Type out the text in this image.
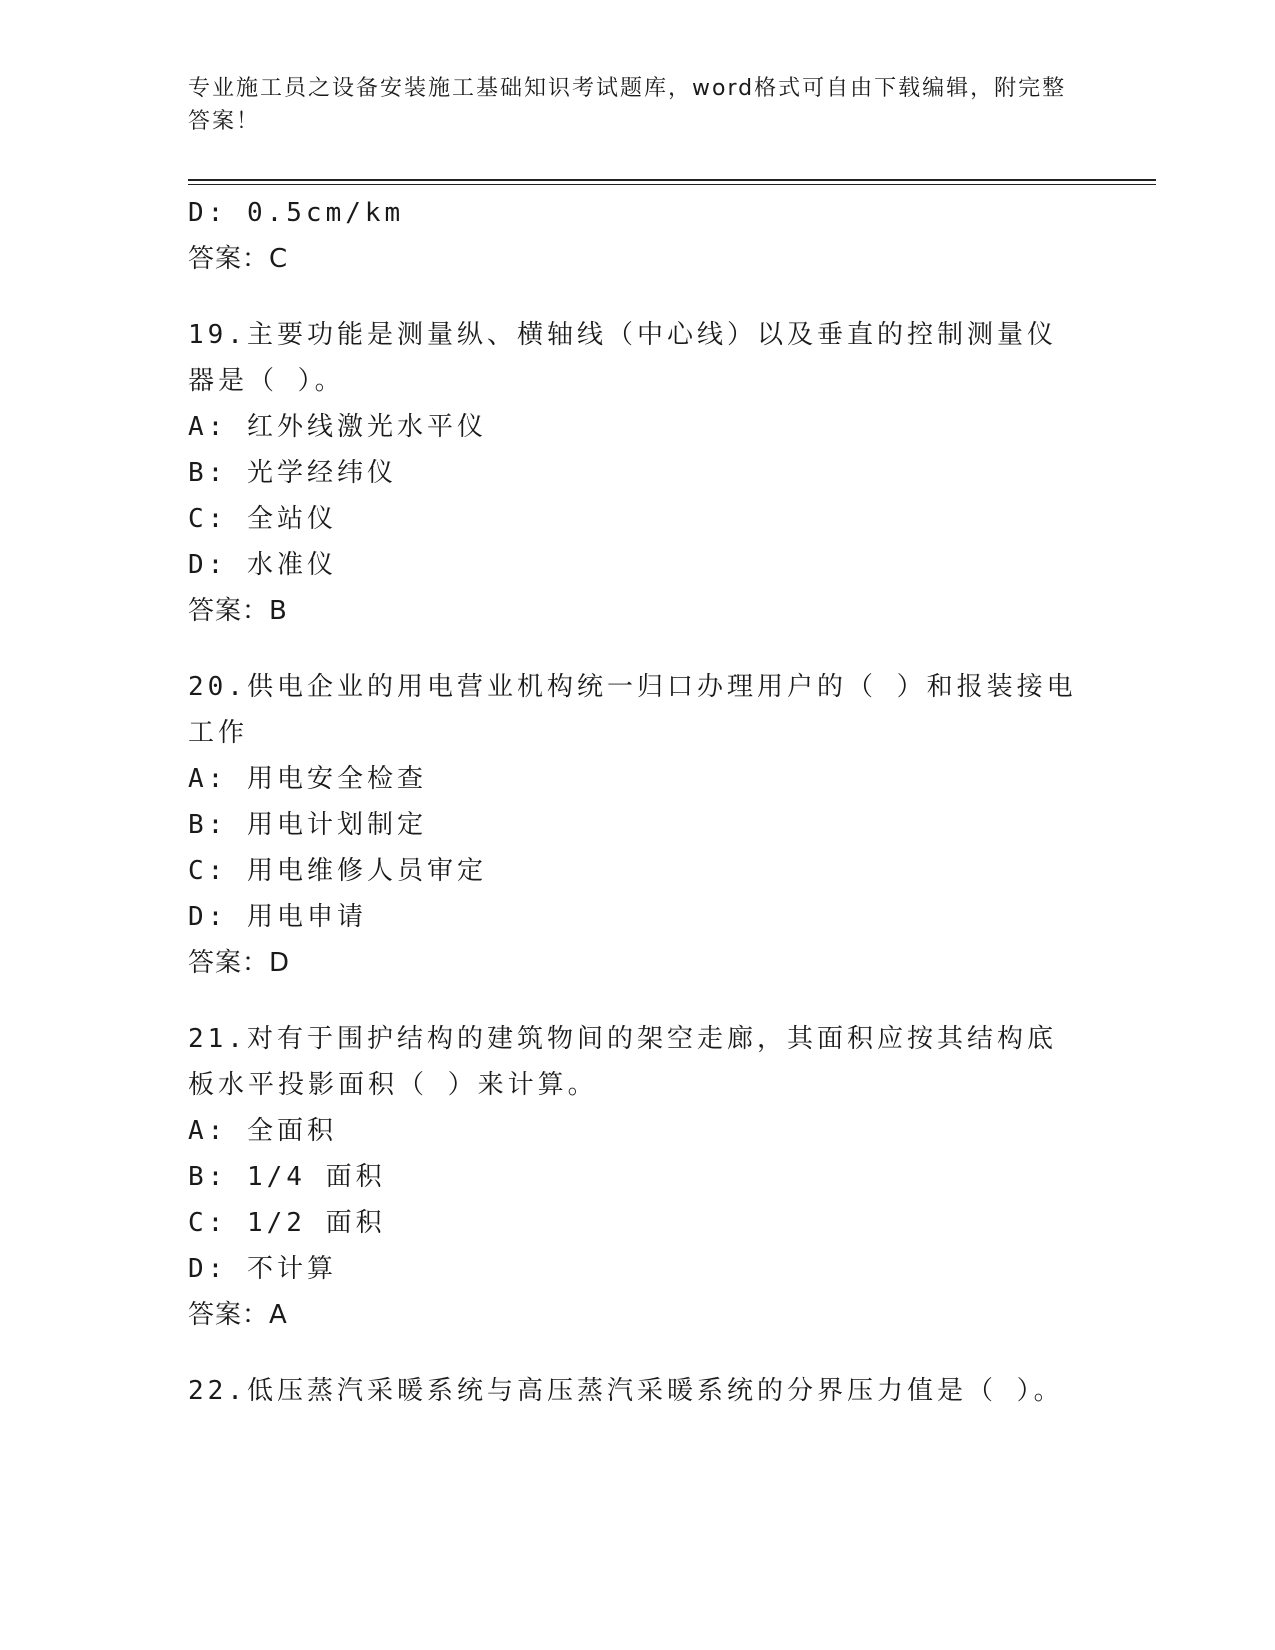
专业施工员之设备安装施工基础知识考试题库，word格式可自由下载编辑，附完整答案！
D: 0.5cm/km
答案：C
19.主要功能是测量纵、横轴线（中心线）以及垂直的控制测量仪器是（ ）。
A: 红外线激光水平仪
B: 光学经纬仪
C: 全站仪
D: 水准仪
答案：B
20.供电企业的用电营业机构统一归口办理用户的（ ）和报装接电工作
A: 用电安全检查
B: 用电计划制定
C: 用电维修人员审定
D: 用电申请
答案：D
21.对有于围护结构的建筑物间的架空走廊，其面积应按其结构底板水平投影面积（ ）来计算。
A: 全面积
B: 1/4 面积
C: 1/2 面积
D: 不计算
答案：A
22.低压蒸汽采暖系统与高压蒸汽采暖系统的分界压力值是（ ）。
